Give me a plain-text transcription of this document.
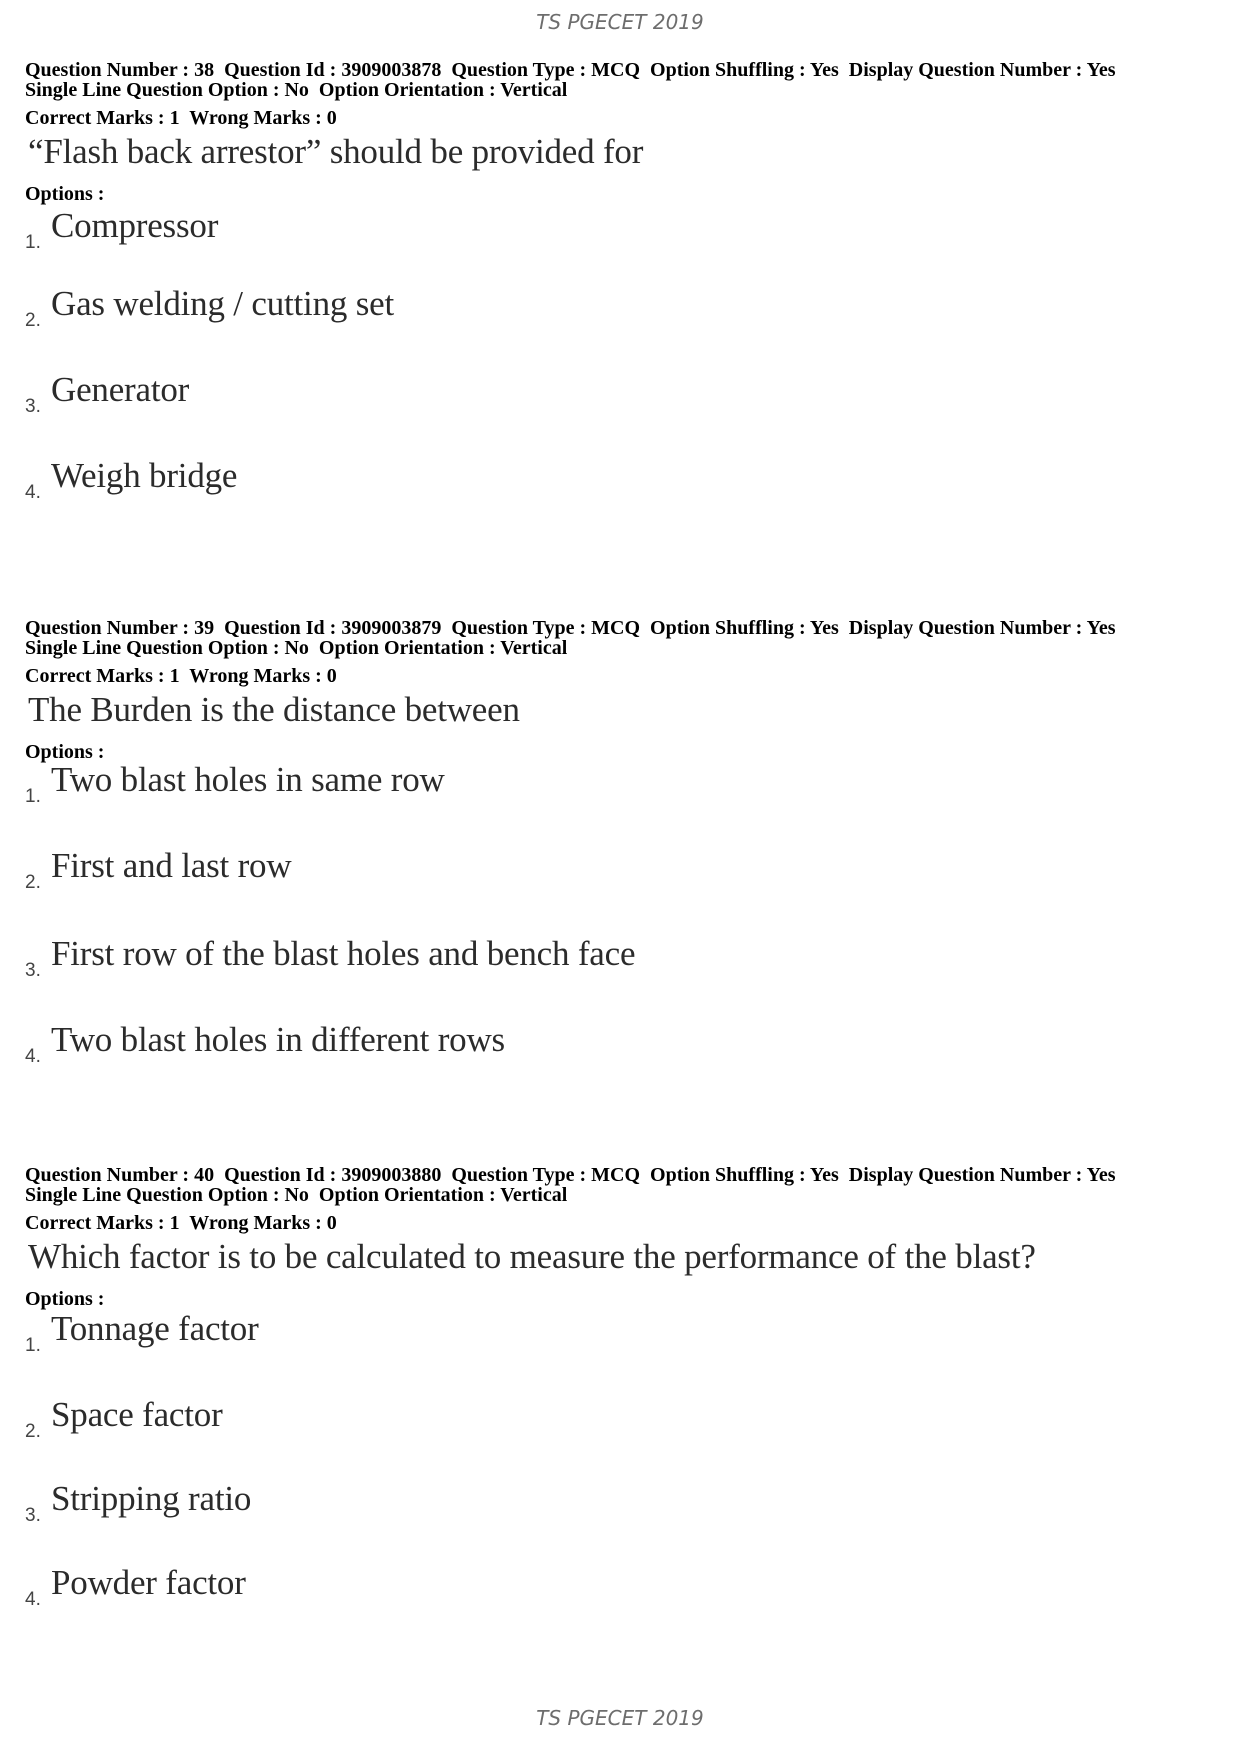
TS PGECET 2019
Question Number : 38  Question Id : 3909003878  Question Type : MCQ  Option Shuffling : Yes  Display Question Number : Yes
Single Line Question Option : No  Option Orientation : Vertical
Correct Marks : 1  Wrong Marks : 0
“Flash back arrestor” should be provided for
Options :
1. Compressor
2. Gas welding / cutting set
3. Generator
4. Weigh bridge
Question Number : 39  Question Id : 3909003879  Question Type : MCQ  Option Shuffling : Yes  Display Question Number : Yes
Single Line Question Option : No  Option Orientation : Vertical
Correct Marks : 1  Wrong Marks : 0
The Burden is the distance between
Options :
1. Two blast holes in same row
2. First and last row
3. First row of the blast holes and bench face
4. Two blast holes in different rows
Question Number : 40  Question Id : 3909003880  Question Type : MCQ  Option Shuffling : Yes  Display Question Number : Yes
Single Line Question Option : No  Option Orientation : Vertical
Correct Marks : 1  Wrong Marks : 0
Which factor is to be calculated to measure the performance of the blast?
Options :
1. Tonnage factor
2. Space factor
3. Stripping ratio
4. Powder factor
TS PGECET 2019
